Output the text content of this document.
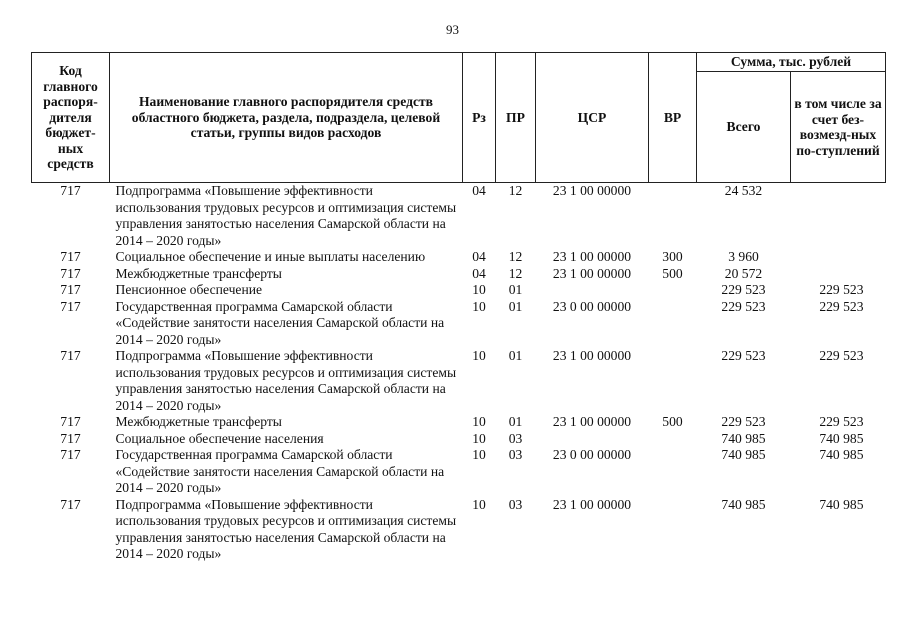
93
Код главного распоря-дителя бюджет-ных средств	Наименование главного распорядителя средств областного бюджета, раздела, подраздела, целевой статьи, группы видов расходов	Рз	ПР	ЦСР	ВР	Сумма, тыс. рублей	
						Всего	в том числе за счет без-возмезд-ных по-ступлений
717	Подпрограмма «Повышение эффективности использования трудовых ресурсов и оптимизация системы управления занятостью населения Самарской области на 2014 – 2020 годы»	04	12	23 1 00 00000		24 532	
717	Социальное обеспечение и иные выплаты населению	04	12	23 1 00 00000	300	3 960	
717	Межбюджетные трансферты	04	12	23 1 00 00000	500	20 572	
717	Пенсионное обеспечение	10	01			229 523	229 523
717	Государственная программа Самарской области «Содействие занятости населения Самарской области на 2014 – 2020 годы»	10	01	23 0 00 00000		229 523	229 523
717	Подпрограмма «Повышение эффективности использования трудовых ресурсов и оптимизация системы управления занятостью населения Самарской области на 2014 – 2020 годы»	10	01	23 1 00 00000		229 523	229 523
717	Межбюджетные трансферты	10	01	23 1 00 00000	500	229 523	229 523
717	Социальное обеспечение населения	10	03			740 985	740 985
717	Государственная программа Самарской области «Содействие занятости населения Самарской области на 2014 – 2020 годы»	10	03	23 0 00 00000		740 985	740 985
717	Подпрограмма «Повышение эффективности использования трудовых ресурсов и оптимизация системы управления занятостью населения Самарской области на 2014 – 2020 годы»	10	03	23 1 00 00000		740 985	740 985
